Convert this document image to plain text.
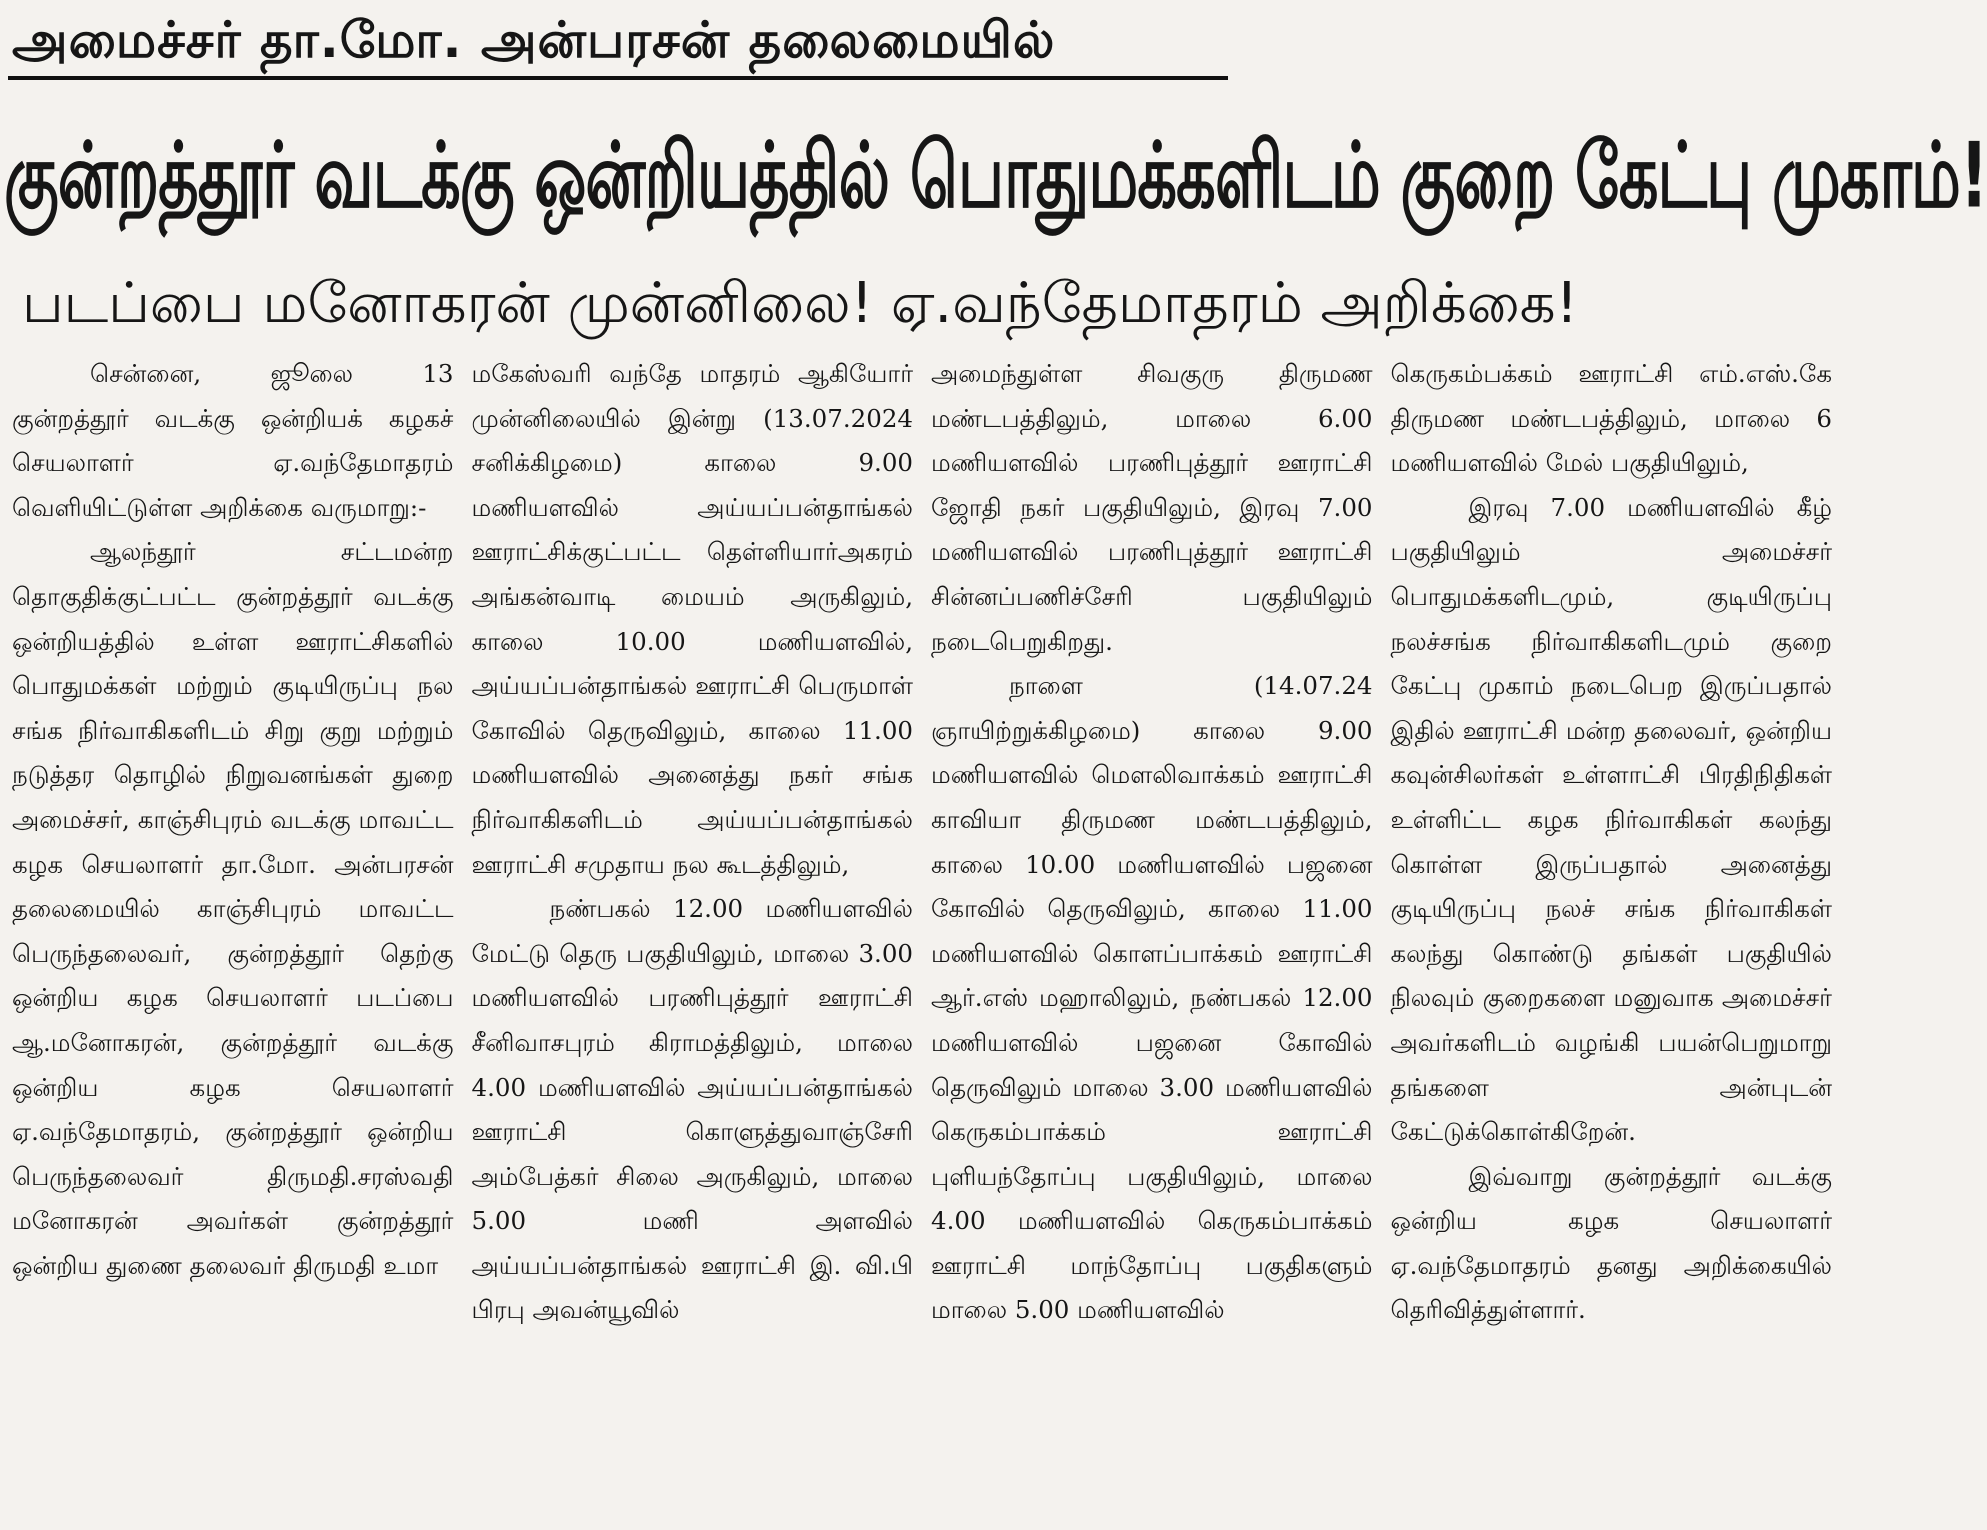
அமைச்சர் தா.மோ. அன்பரசன் தலைமையில்
குன்றத்தூர் வடக்கு ஒன்றியத்தில் பொதுமக்களிடம் குறை கேட்பு முகாம்!
படப்பை மனோகரன் முன்னிலை! ஏ.வந்தேமாதரம் அறிக்கை!

சென்னை, ஜூலை 13 குன்றத்தூர் வடக்கு ஒன்றியக் கழகச் செயலாளர் ஏ.வந்தேமாதரம் வெளியிட்டுள்ள அறிக்கை வருமாறு:-

ஆலந்தூர் சட்டமன்ற தொகுதிக்குட்பட்ட குன்றத்தூர் வடக்கு ஒன்றியத்தில் உள்ள ஊராட்சிகளில் பொதுமக்கள் மற்றும் குடியிருப்பு நல சங்க நிர்வாகிகளிடம் சிறு குறு மற்றும் நடுத்தர தொழில் நிறுவனங்கள் துறை அமைச்சர், காஞ்சிபுரம் வடக்கு மாவட்ட கழக செயலாளர் தா.மோ. அன்பரசன் தலைமையில் காஞ்சிபுரம் மாவட்ட பெருந்தலைவர், குன்றத்தூர் தெற்கு ஒன்றிய கழக செயலாளர் படப்பை ஆ.மனோகரன், குன்றத்தூர் வடக்கு ஒன்றிய கழக செயலாளர் ஏ.வந்தேமாதரம், குன்றத்தூர் ஒன்றிய பெருந்தலைவர் திருமதி.சரஸ்வதி மனோகரன் அவர்கள் குன்றத்தூர் ஒன்றிய துணை தலைவர் திருமதி உமா

மகேஸ்வரி வந்தே மாதரம் ஆகியோர் முன்னிலையில் இன்று (13.07.2024 சனிக்கிழமை) காலை 9.00 மணியளவில் அய்யப்பன்தாங்கல் ஊராட்சிக்குட்பட்ட தெள்ளியார்அகரம் அங்கன்வாடி மையம் அருகிலும், காலை 10.00 மணியளவில், அய்யப்பன்தாங்கல் ஊராட்சி பெருமாள் கோவில் தெருவிலும், காலை 11.00 மணியளவில் அனைத்து நகர் சங்க நிர்வாகிகளிடம் அய்யப்பன்தாங்கல் ஊராட்சி சமுதாய நல கூடத்திலும்,

நண்பகல் 12.00 மணியளவில் மேட்டு தெரு பகுதியிலும், மாலை 3.00 மணியளவில் பரணிபுத்தூர் ஊராட்சி சீனிவாசபுரம் கிராமத்திலும், மாலை 4.00 மணியளவில் அய்யப்பன்தாங்கல் ஊராட்சி கொளுத்துவாஞ்சேரி அம்பேத்கர் சிலை அருகிலும், மாலை 5.00 மணி அளவில் அய்யப்பன்தாங்கல் ஊராட்சி இ. வி.பி பிரபு அவன்யூவில்

அமைந்துள்ள சிவகுரு திருமண மண்டபத்திலும், மாலை 6.00 மணியளவில் பரணிபுத்தூர் ஊராட்சி ஜோதி நகர் பகுதியிலும், இரவு 7.00 மணியளவில் பரணிபுத்தூர் ஊராட்சி சின்னப்பணிச்சேரி பகுதியிலும் நடைபெறுகிறது.

நாளை (14.07.24 ஞாயிற்றுக்கிழமை) காலை 9.00 மணியளவில் மௌலிவாக்கம் ஊராட்சி காவியா திருமண மண்டபத்திலும், காலை 10.00 மணியளவில் பஜனை கோவில் தெருவிலும், காலை 11.00 மணியளவில் கொளப்பாக்கம் ஊராட்சி ஆர்.எஸ் மஹாலிலும், நண்பகல் 12.00 மணியளவில் பஜனை கோவில் தெருவிலும் மாலை 3.00 மணியளவில் கெருகம்பாக்கம் ஊராட்சி புளியந்தோப்பு பகுதியிலும், மாலை 4.00 மணியளவில் கெருகம்பாக்கம் ஊராட்சி மாந்தோப்பு பகுதிகளும் மாலை 5.00 மணியளவில்

கெருகம்பக்கம் ஊராட்சி எம்.எஸ்.கே திருமண மண்டபத்திலும், மாலை 6 மணியளவில் மேல் பகுதியிலும்,

இரவு 7.00 மணியளவில் கீழ் பகுதியிலும் அமைச்சர் பொதுமக்களிடமும், குடியிருப்பு நலச்சங்க நிர்வாகிகளிடமும் குறை கேட்பு முகாம் நடைபெற இருப்பதால் இதில் ஊராட்சி மன்ற தலைவர், ஒன்றிய கவுன்சிலர்கள் உள்ளாட்சி பிரதிநிதிகள் உள்ளிட்ட கழக நிர்வாகிகள் கலந்து கொள்ள இருப்பதால் அனைத்து குடியிருப்பு நலச் சங்க நிர்வாகிகள் கலந்து கொண்டு தங்கள் பகுதியில் நிலவும் குறைகளை மனுவாக அமைச்சர் அவர்களிடம் வழங்கி பயன்பெறுமாறு தங்களை அன்புடன் கேட்டுக்கொள்கிறேன்.

இவ்வாறு குன்றத்தூர் வடக்கு ஒன்றிய கழக செயலாளர் ஏ.வந்தேமாதரம் தனது அறிக்கையில் தெரிவித்துள்ளார்.
